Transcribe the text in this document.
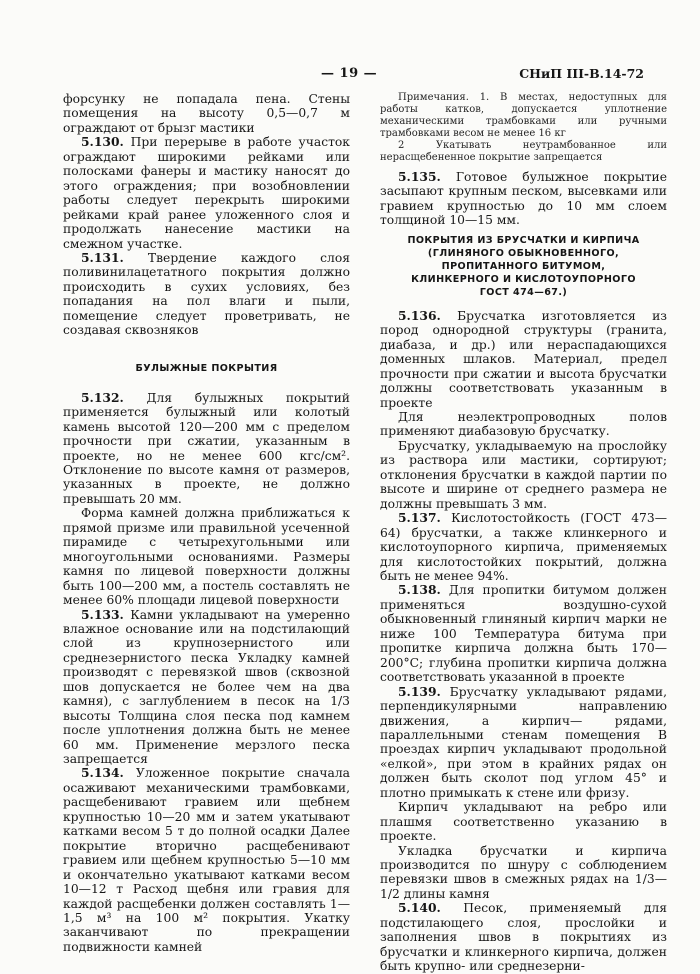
— 19 —	СНиП III-В.14-72

форсунку не попадала пена. Стены помещения на высоту 0,5—0,7 м ограждают от брызг мастики

5.130. При перерыве в работе участок ограждают широкими рейками или полосками фанеры и мастику наносят до этого ограждения; при возобновлении работы следует перекрыть широкими рейками край ранее уложенного слоя и продолжать нанесение мастики на смежном участке.

5.131. Твердение каждого слоя поливинилацетатного покрытия должно происходить в сухих условиях, без попадания на пол влаги и пыли, помещение следует проветривать, не создавая сквозняков

БУЛЫЖНЫЕ ПОКРЫТИЯ

5.132. Для булыжных покрытий применяется булыжный или колотый камень высотой 120—200 мм с пределом прочности при сжатии, указанным в проекте, но не менее 600 кгс/см². Отклонение по высоте камня от размеров, указанных в проекте, не должно превышать 20 мм.

Форма камней должна приближаться к прямой призме или правильной усеченной пирамиде с четырехугольными или многоугольными основаниями. Размеры камня по лицевой поверхности должны быть 100—200 мм, а постель составлять не менее 60% площади лицевой поверхности

5.133. Камни укладывают на умеренно влажное основание или на подстилающий слой из крупнозернистого или среднезернистого песка Укладку камней производят с перевязкой швов (сквозной шов допускается не более чем на два камня), с заглублением в песок на 1/3 высоты Толщина слоя песка под камнем после уплотнения должна быть не менее 60 мм. Применение мерзлого песка запрещается

5.134. Уложенное покрытие сначала осаживают механическими трамбовками, расщебенивают гравием или щебнем крупностью 10—20 мм и затем укатывают катками весом 5 т до полной осадки Далее покрытие вторично расщебенивают гравием или щебнем крупностью 5—10 мм и окончательно укатывают катками весом 10—12 т Расход щебня или гравия для каждой расщебенки должен составлять 1—1,5 м³ на 100 м² покрытия. Укатку заканчивают по прекращении подвижности камней

Примечания. 1. В местах, недоступных для работы катков, допускается уплотнение механическими трамбовками или ручными трамбовками весом не менее 16 кг

2 Укатывать неутрамбованное или нерасщебененное покрытие запрещается

5.135. Готовое булыжное покрытие засыпают крупным песком, высевками или гравием крупностью до 10 мм слоем толщиной 10—15 мм.

ПОКРЫТИЯ ИЗ БРУСЧАТКИ И КИРПИЧА
(ГЛИНЯНОГО ОБЫКНОВЕННОГО,
ПРОПИТАННОГО БИТУМОМ,
КЛИНКЕРНОГО И КИСЛОТОУПОРНОГО
ГОСТ 474—67.)

5.136. Брусчатка изготовляется из пород однородной структуры (гранита, диабаза, и др.) или нераспадающихся доменных шлаков. Материал, предел прочности при сжатии и высота брусчатки должны соответствовать указанным в проекте

Для неэлектропроводных полов применяют диабазовую брусчатку.

Брусчатку, укладываемую на прослойку из раствора или мастики, сортируют; отклонения брусчатки в каждой партии по высоте и ширине от среднего размера не должны превышать 3 мм.

5.137. Кислотостойкость (ГОСТ 473—64) брусчатки, а также клинкерного и кислотоупорного кирпича, применяемых для кислотостойких покрытий, должна быть не менее 94%.

5.138. Для пропитки битумом должен применяться воздушно-сухой обыкновенный глиняный кирпич марки не ниже 100 Температура битума при пропитке кирпича должна быть 170—200°С; глубина пропитки кирпича должна соответствовать указанной в проекте

5.139. Брусчатку укладывают рядами, перпендикулярными направлению движения, а кирпич— рядами, параллельными стенам помещения В проездах кирпич укладывают продольной «елкой», при этом в крайних рядах он должен быть сколот под углом 45° и плотно примыкать к стене или фризу.

Кирпич укладывают на ребро или плашмя соответственно указанию в проекте.

Укладка брусчатки и кирпича производится по шнуру с соблюдением перевязки швов в смежных рядах на 1/3—1/2 длины камня

5.140. Песок, применяемый для подстилающего слоя, прослойки и заполнения швов в покрытиях из брусчатки и клинкерного кирпича, должен быть крупно- или среднезерни-
